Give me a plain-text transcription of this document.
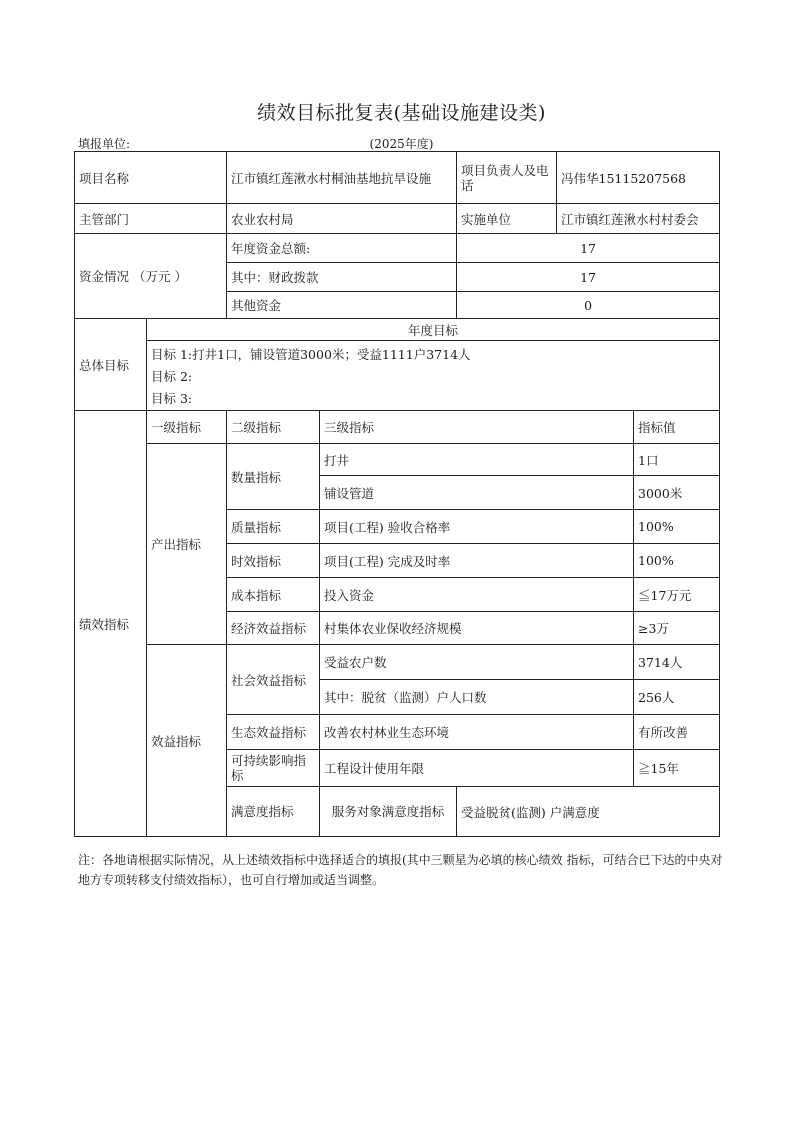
绩效目标批复表(基础设施建设类)
填报单位:	(2025年度)
项目名称		江市镇红莲湫水村桐油基地抗旱设施		项目负责人及电话	冯伟华15115207568		
主管部门		农业农村局		实施单位	江市镇红莲湫水村村委会		
资金情况 （万元 ）		年度资金总额:		17			
		其中：财政拨款		17			
		其他资金		0			
总体目标	年度目标						

	目标 1:打井1口，铺设管道3000米；受益1111户3714人
目标 2:
目标 3:						

绩效指标	一级指标	二级指标	三级指标			指标值	
	产出指标	数量指标	打井			1口	
			铺设管道			3000米	
		质量指标	项目(工程) 验收合格率			100%	
		时效指标	项目(工程) 完成及时率			100%	
		成本指标	投入资金			≦17万元	
		经济效益指标	村集体农业保收经济规模			≥3万	
	效益指标	社会效益指标	受益农户数			3714人	
			其中：脱贫（监测）户人口数			256人	
		生态效益指标	改善农村林业生态环境			有所改善	
		可持续影响指标	工程设计使用年限			≧15年	
		满意度指标	服务对象满意度指标	受益脱贫(监测) 户满意度	
注：各地请根据实际情况，从上述绩效指标中选择适合的填报(其中三颗星为必填的核心绩效 指标，可结合已下达的中央对地方专项转移支付绩效指标），也可自行增加或适当调整。
